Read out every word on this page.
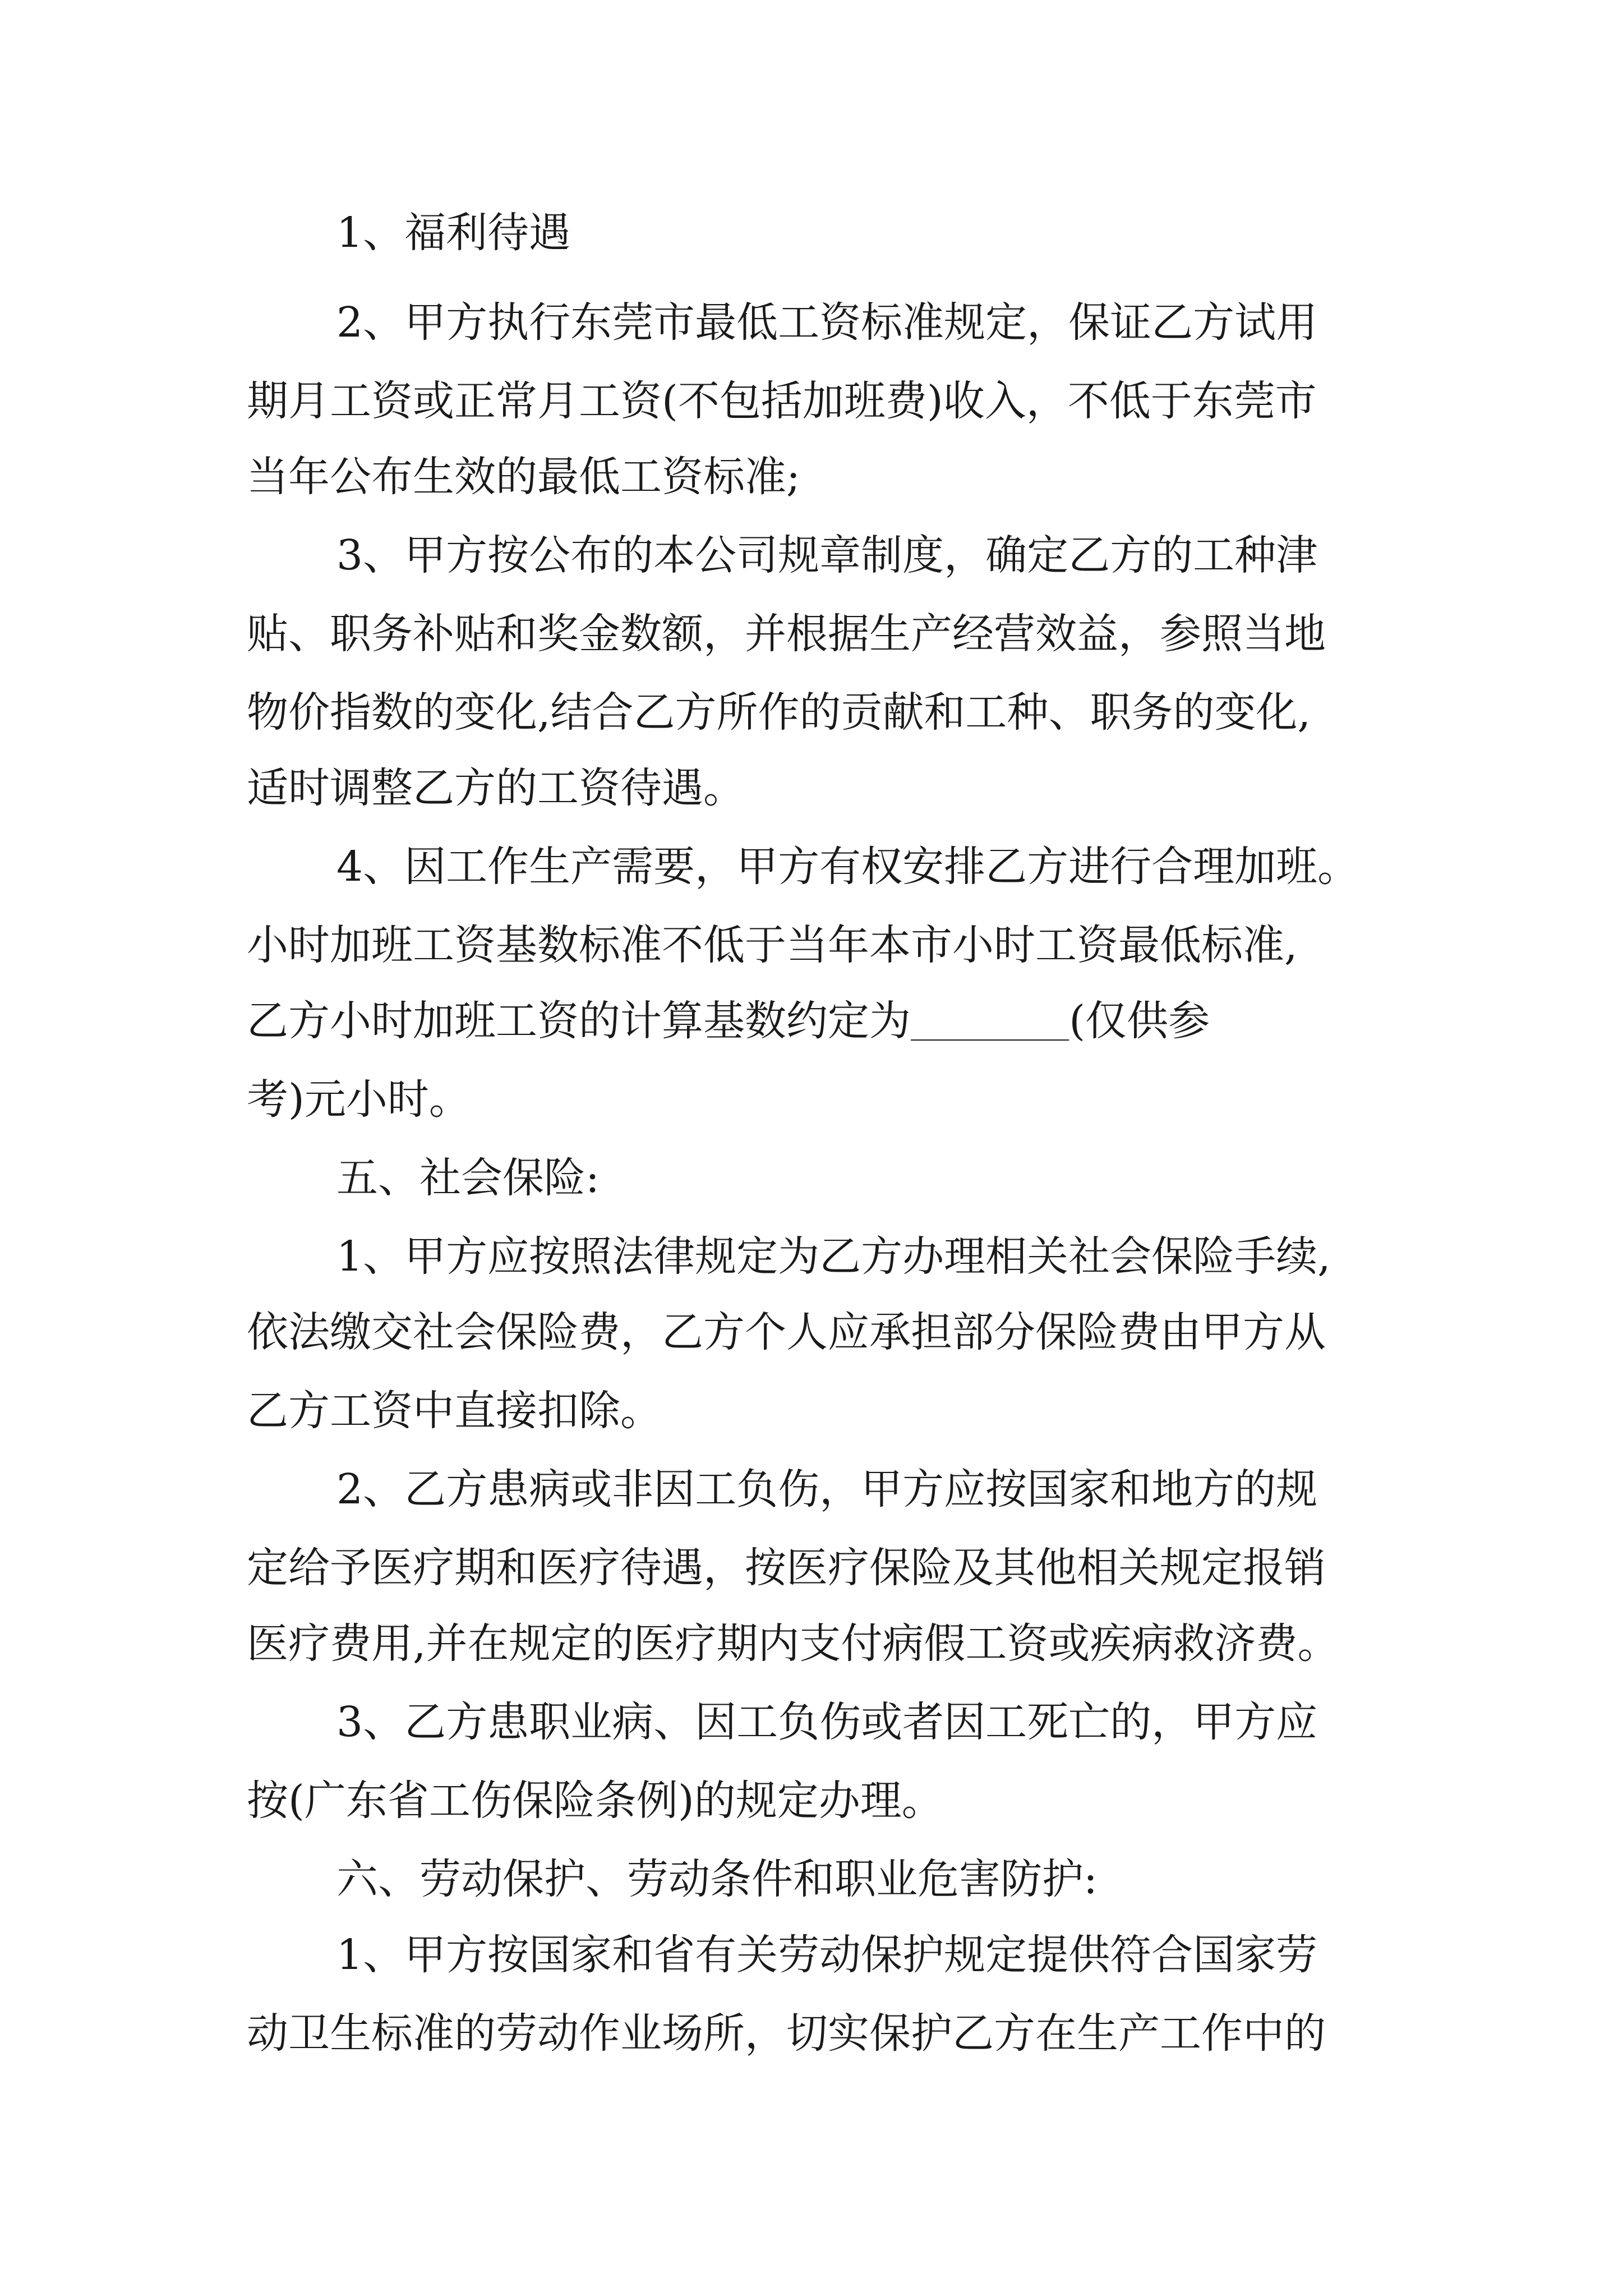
1、福利待遇
2、甲方执行东莞市最低工资标准规定，保证乙方试用
期月工资或正常月工资(不包括加班费)收入，不低于东莞市
当年公布生效的最低工资标准;
3、甲方按公布的本公司规章制度，确定乙方的工种津
贴、职务补贴和奖金数额，并根据生产经营效益，参照当地
物价指数的变化,结合乙方所作的贡献和工种、职务的变化,
适时调整乙方的工资待遇。
4、因工作生产需要，甲方有权安排乙方进行合理加班。
小时加班工资基数标准不低于当年本市小时工资最低标准,
乙方小时加班工资的计算基数约定为	(仅供参
考)元小时。
五、社会保险:
1、甲方应按照法律规定为乙方办理相关社会保险手续,
依法缴交社会保险费，乙方个人应承担部分保险费由甲方从
乙方工资中直接扣除。
2、乙方患病或非因工负伤，甲方应按国家和地方的规
定给予医疗期和医疗待遇，按医疗保险及其他相关规定报销
医疗费用,并在规定的医疗期内支付病假工资或疾病救济费。
3、乙方患职业病、因工负伤或者因工死亡的，甲方应
按(广东省工伤保险条例)的规定办理。
六、劳动保护、劳动条件和职业危害防护:
1、甲方按国家和省有关劳动保护规定提供符合国家劳
动卫生标准的劳动作业场所，切实保护乙方在生产工作中的
